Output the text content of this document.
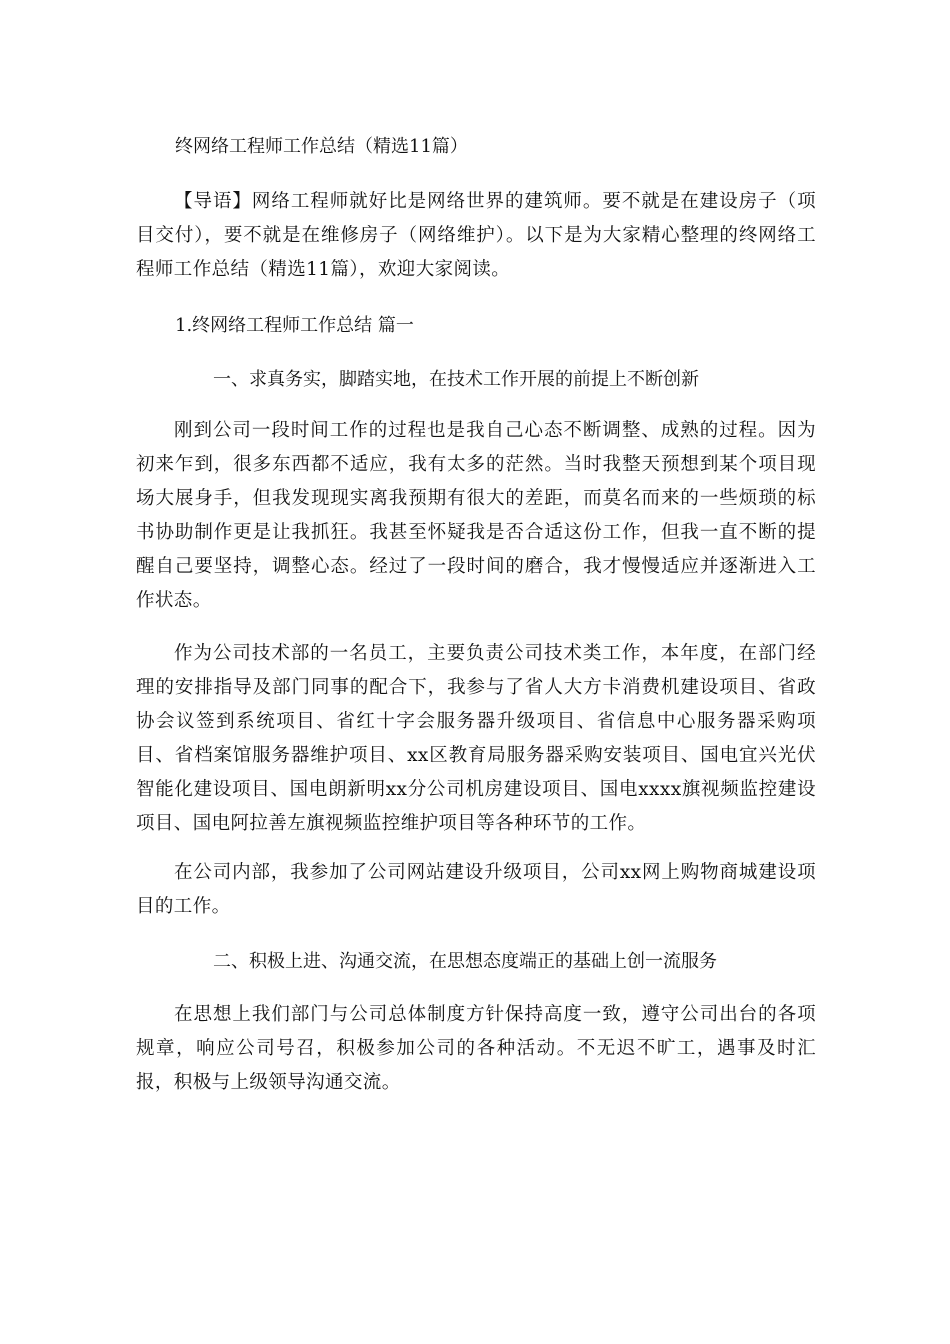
终网络工程师工作总结（精选11篇）

【导语】网络工程师就好比是网络世界的建筑师。要不就是在建设房子（项目交付），要不就是在维修房子（网络维护）。以下是为大家精心整理的终网络工程师工作总结（精选11篇），欢迎大家阅读。

1.终网络工程师工作总结 篇一
一、求真务实，脚踏实地，在技术工作开展的前提上不断创新

刚到公司一段时间工作的过程也是我自己心态不断调整、成熟的过程。因为初来乍到，很多东西都不适应，我有太多的茫然。当时我整天预想到某个项目现场大展身手，但我发现现实离我预期有很大的差距，而莫名而来的一些烦琐的标书协助制作更是让我抓狂。我甚至怀疑我是否合适这份工作，但我一直不断的提醒自己要坚持，调整心态。经过了一段时间的磨合，我才慢慢适应并逐渐进入工作状态。

作为公司技术部的一名员工，主要负责公司技术类工作，本年度，在部门经理的安排指导及部门同事的配合下，我参与了省人大方卡消费机建设项目、省政协会议签到系统项目、省红十字会服务器升级项目、省信息中心服务器采购项目、省档案馆服务器维护项目、xx区教育局服务器采购安装项目、国电宜兴光伏智能化建设项目、国电朗新明xx分公司机房建设项目、国电xxxx旗视频监控建设项目、国电阿拉善左旗视频监控维护项目等各种环节的工作。

在公司内部，我参加了公司网站建设升级项目，公司xx网上购物商城建设项目的工作。

二、积极上进、沟通交流，在思想态度端正的基础上创一流服务

在思想上我们部门与公司总体制度方针保持高度一致，遵守公司出台的各项规章，响应公司号召，积极参加公司的各种活动。不无迟不旷工，遇事及时汇报，积极与上级领导沟通交流。
